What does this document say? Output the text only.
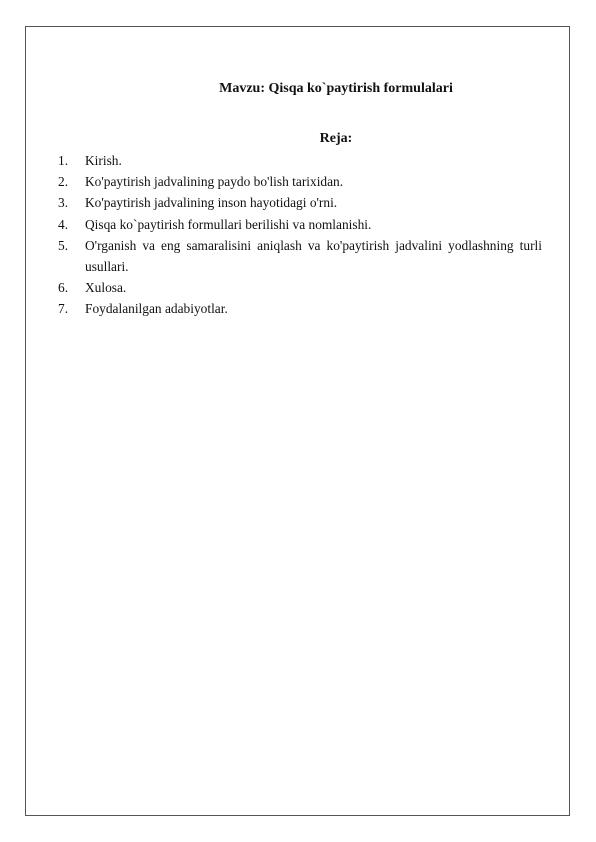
Mavzu: Qisqa ko`paytirish formulalari
Reja:
1. Kirish.
2. Ko'paytirish jadvalining paydo bo'lish tarixidan.
3. Ko'paytirish jadvalining inson hayotidagi o'rni.
4. Qisqa ko`paytirish formullari berilishi va nomlanishi.
5. O'rganish va eng samaralisini aniqlash va ko'paytirish jadvalini yodlashning turli usullari.
6. Xulosa.
7. Foydalanilgan adabiyotlar.
